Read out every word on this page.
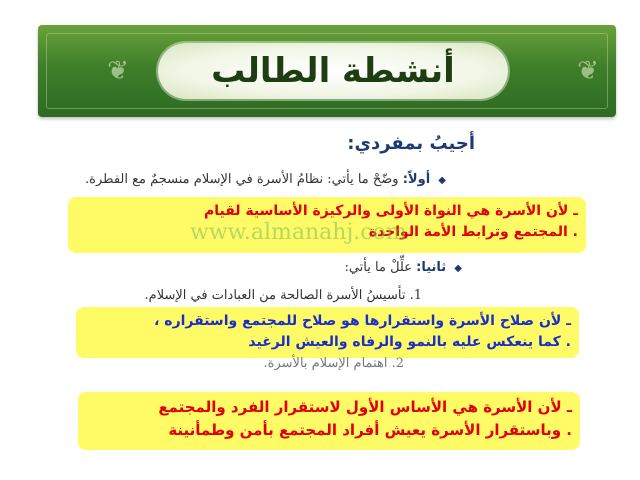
❦	❦
أنشطة الطالب
أجيبُ بمفردي:
◆ أولاً: وضّحْ ما يأتي: نظامُ الأسرة في الإسلام منسجمٌ مع الفطرة.
ـ لأن الأسرة هي النواة الأولى والركيزة الأساسية لقيام
. المجتمع وترابط الأمة الواحدة
www.almanahj.com
◆ ثانيا: علِّلْ ما يأتي:
1. تأسيسُ الأسرة الصالحة من العبادات في الإسلام.
ـ لأن صلاح الأسرة واستقرارها هو صلاح للمجتمع واستقراره ،
. كما ينعكس عليه بالنمو والرفاه والعيش الرغيد
2. اهتمام الإسلام بالأسرة.
ـ لأن الأسرة هي الأساس الأول لاستقرار الفرد والمجتمع
. وباستقرار الأسرة يعيش أفراد المجتمع بأمن وطمأنينة
